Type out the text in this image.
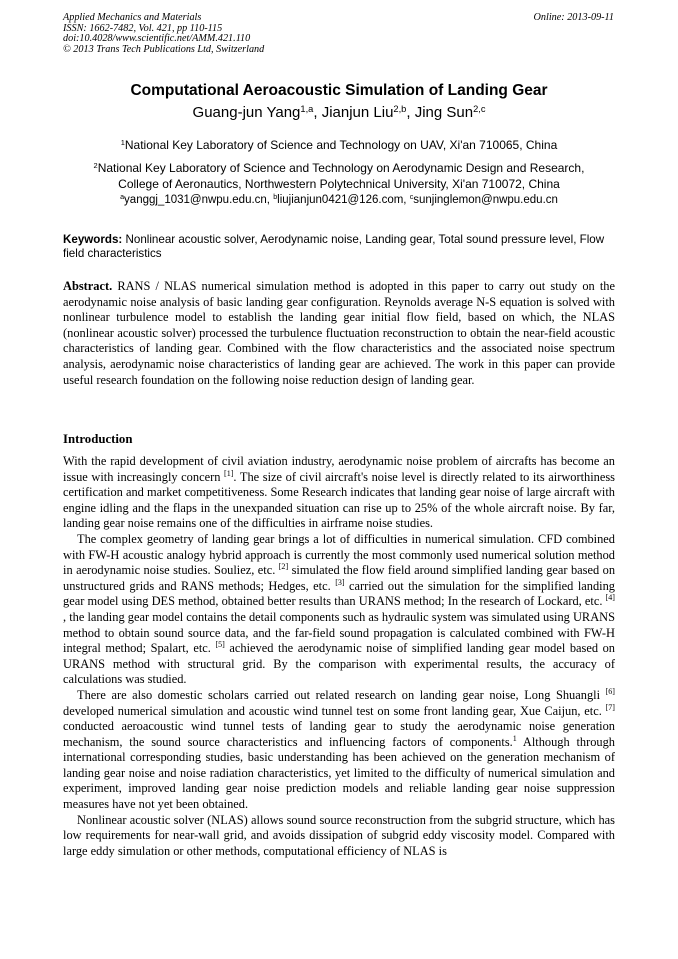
Applied Mechanics and Materials
ISSN: 1662-7482, Vol. 421, pp 110-115
doi:10.4028/www.scientific.net/AMM.421.110
© 2013 Trans Tech Publications Ltd, Switzerland
Online: 2013-09-11
Computational Aeroacoustic Simulation of Landing Gear
Guang-jun Yang$^{1,a}$, Jianjun Liu$^{2,b}$, Jing Sun$^{2,c}$
$^1$National Key Laboratory of Science and Technology on UAV, Xi'an 710065, China
$^2$National Key Laboratory of Science and Technology on Aerodynamic Design and Research,
College of Aeronautics, Northwestern Polytechnical University, Xi'an 710072, China
$^a$yanggj_1031@nwpu.edu.cn, $^b$liujianjun0421@126.com, $^c$sunjinglemon@nwpu.edu.cn
Keywords: Nonlinear acoustic solver, Aerodynamic noise, Landing gear, Total sound pressure level, Flow field characteristics

Abstract. RANS / NLAS numerical simulation method is adopted in this paper to carry out study on the aerodynamic noise analysis of basic landing gear configuration. Reynolds average N-S equation is solved with nonlinear turbulence model to establish the landing gear initial flow field, based on which, the NLAS (nonlinear acoustic solver) processed the turbulence fluctuation reconstruction to obtain the near-field acoustic characteristics of landing gear. Combined with the flow characteristics and the associated noise spectrum analysis, aerodynamic noise characteristics of landing gear are achieved. The work in this paper can provide useful research foundation on the following noise reduction design of landing gear.

Introduction

With the rapid development of civil aviation industry, aerodynamic noise problem of aircrafts has become an issue with increasingly concern [1]. The size of civil aircraft's noise level is directly related to its airworthiness certification and market competitiveness. Some Research indicates that landing gear noise of large aircraft with engine idling and the flaps in the unexpanded situation can rise up to 25% of the whole aircraft noise. By far, landing gear noise remains one of the difficulties in airframe noise studies.

The complex geometry of landing gear brings a lot of difficulties in numerical simulation. CFD combined with FW-H acoustic analogy hybrid approach is currently the most commonly used numerical solution method in aerodynamic noise studies. Souliez, etc. [2] simulated the flow field around simplified landing gear based on unstructured grids and RANS methods; Hedges, etc. [3] carried out the simulation for the simplified landing gear model using DES method, obtained better results than URANS method; In the research of Lockard, etc. [4] , the landing gear model contains the detail components such as hydraulic system was simulated using URANS method to obtain sound source data, and the far-field sound propagation is calculated combined with FW-H integral method; Spalart, etc. [5] achieved the aerodynamic noise of simplified landing gear model based on URANS method with structural grid. By the comparison with experimental results, the accuracy of calculations was studied.

There are also domestic scholars carried out related research on landing gear noise, Long Shuangli [6] developed numerical simulation and acoustic wind tunnel test on some front landing gear, Xue Caijun, etc. [7] conducted aeroacoustic wind tunnel tests of landing gear to study the aerodynamic noise generation mechanism, the sound source characteristics and influencing factors of components.$^1$ Although through international corresponding studies, basic understanding has been achieved on the generation mechanism of landing gear noise and noise radiation characteristics, yet limited to the difficulty of numerical simulation and experiment, improved landing gear noise prediction models and reliable landing gear noise suppression measures have not yet been obtained.

Nonlinear acoustic solver (NLAS) allows sound source reconstruction from the subgrid structure, which has low requirements for near-wall grid, and avoids dissipation of subgrid eddy viscosity model. Compared with large eddy simulation or other methods, computational efficiency of NLAS is
